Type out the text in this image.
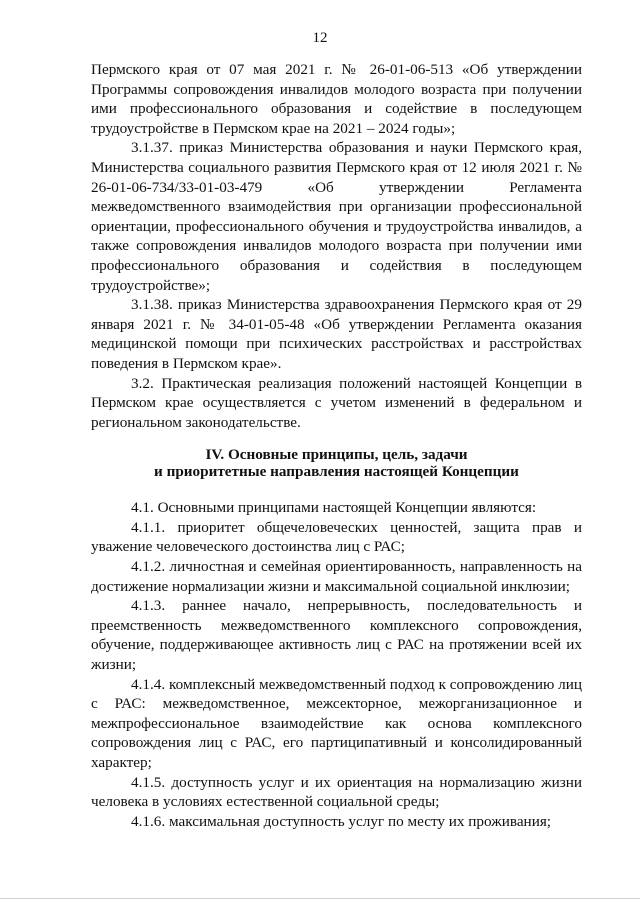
12

Пермского края от 07 мая 2021 г. № 26-01-06-513 «Об утверждении Программы сопровождения инвалидов молодого возраста при получении ими профессионального образования и содействие в последующем трудоустройстве в Пермском крае на 2021 – 2024 годы»;

3.1.37. приказ Министерства образования и науки Пермского края, Министерства социального развития Пермского края от 12 июля 2021 г. № 26-01-06-734/33-01-03-479 «Об утверждении Регламента межведомственного взаимодействия при организации профессиональной ориентации, профессионального обучения и трудоустройства инвалидов, а также сопровождения инвалидов молодого возраста при получении ими профессионального образования и содействия в последующем трудоустройстве»;

3.1.38. приказ Министерства здравоохранения Пермского края от 29 января 2021 г. № 34-01-05-48 «Об утверждении Регламента оказания медицинской помощи при психических расстройствах и расстройствах поведения в Пермском крае».

3.2. Практическая реализация положений настоящей Концепции в Пермском крае осуществляется с учетом изменений в федеральном и региональном законодательстве.

IV. Основные принципы, цель, задачи
и приоритетные направления настоящей Концепции

4.1. Основными принципами настоящей Концепции являются:

4.1.1. приоритет общечеловеческих ценностей, защита прав и уважение человеческого достоинства лиц с РАС;

4.1.2. личностная и семейная ориентированность, направленность на достижение нормализации жизни и максимальной социальной инклюзии;

4.1.3. раннее начало, непрерывность, последовательность и преемственность межведомственного комплексного сопровождения, обучение, поддерживающее активность лиц с РАС на протяжении всей их жизни;

4.1.4. комплексный межведомственный подход к сопровождению лиц с РАС: межведомственное, межсекторное, межорганизационное и межпрофессиональное взаимодействие как основа комплексного сопровождения лиц с РАС, его партиципативный и консолидированный характер;

4.1.5. доступность услуг и их ориентация на нормализацию жизни человека в условиях естественной социальной среды;

4.1.6. максимальная доступность услуг по месту их проживания;
